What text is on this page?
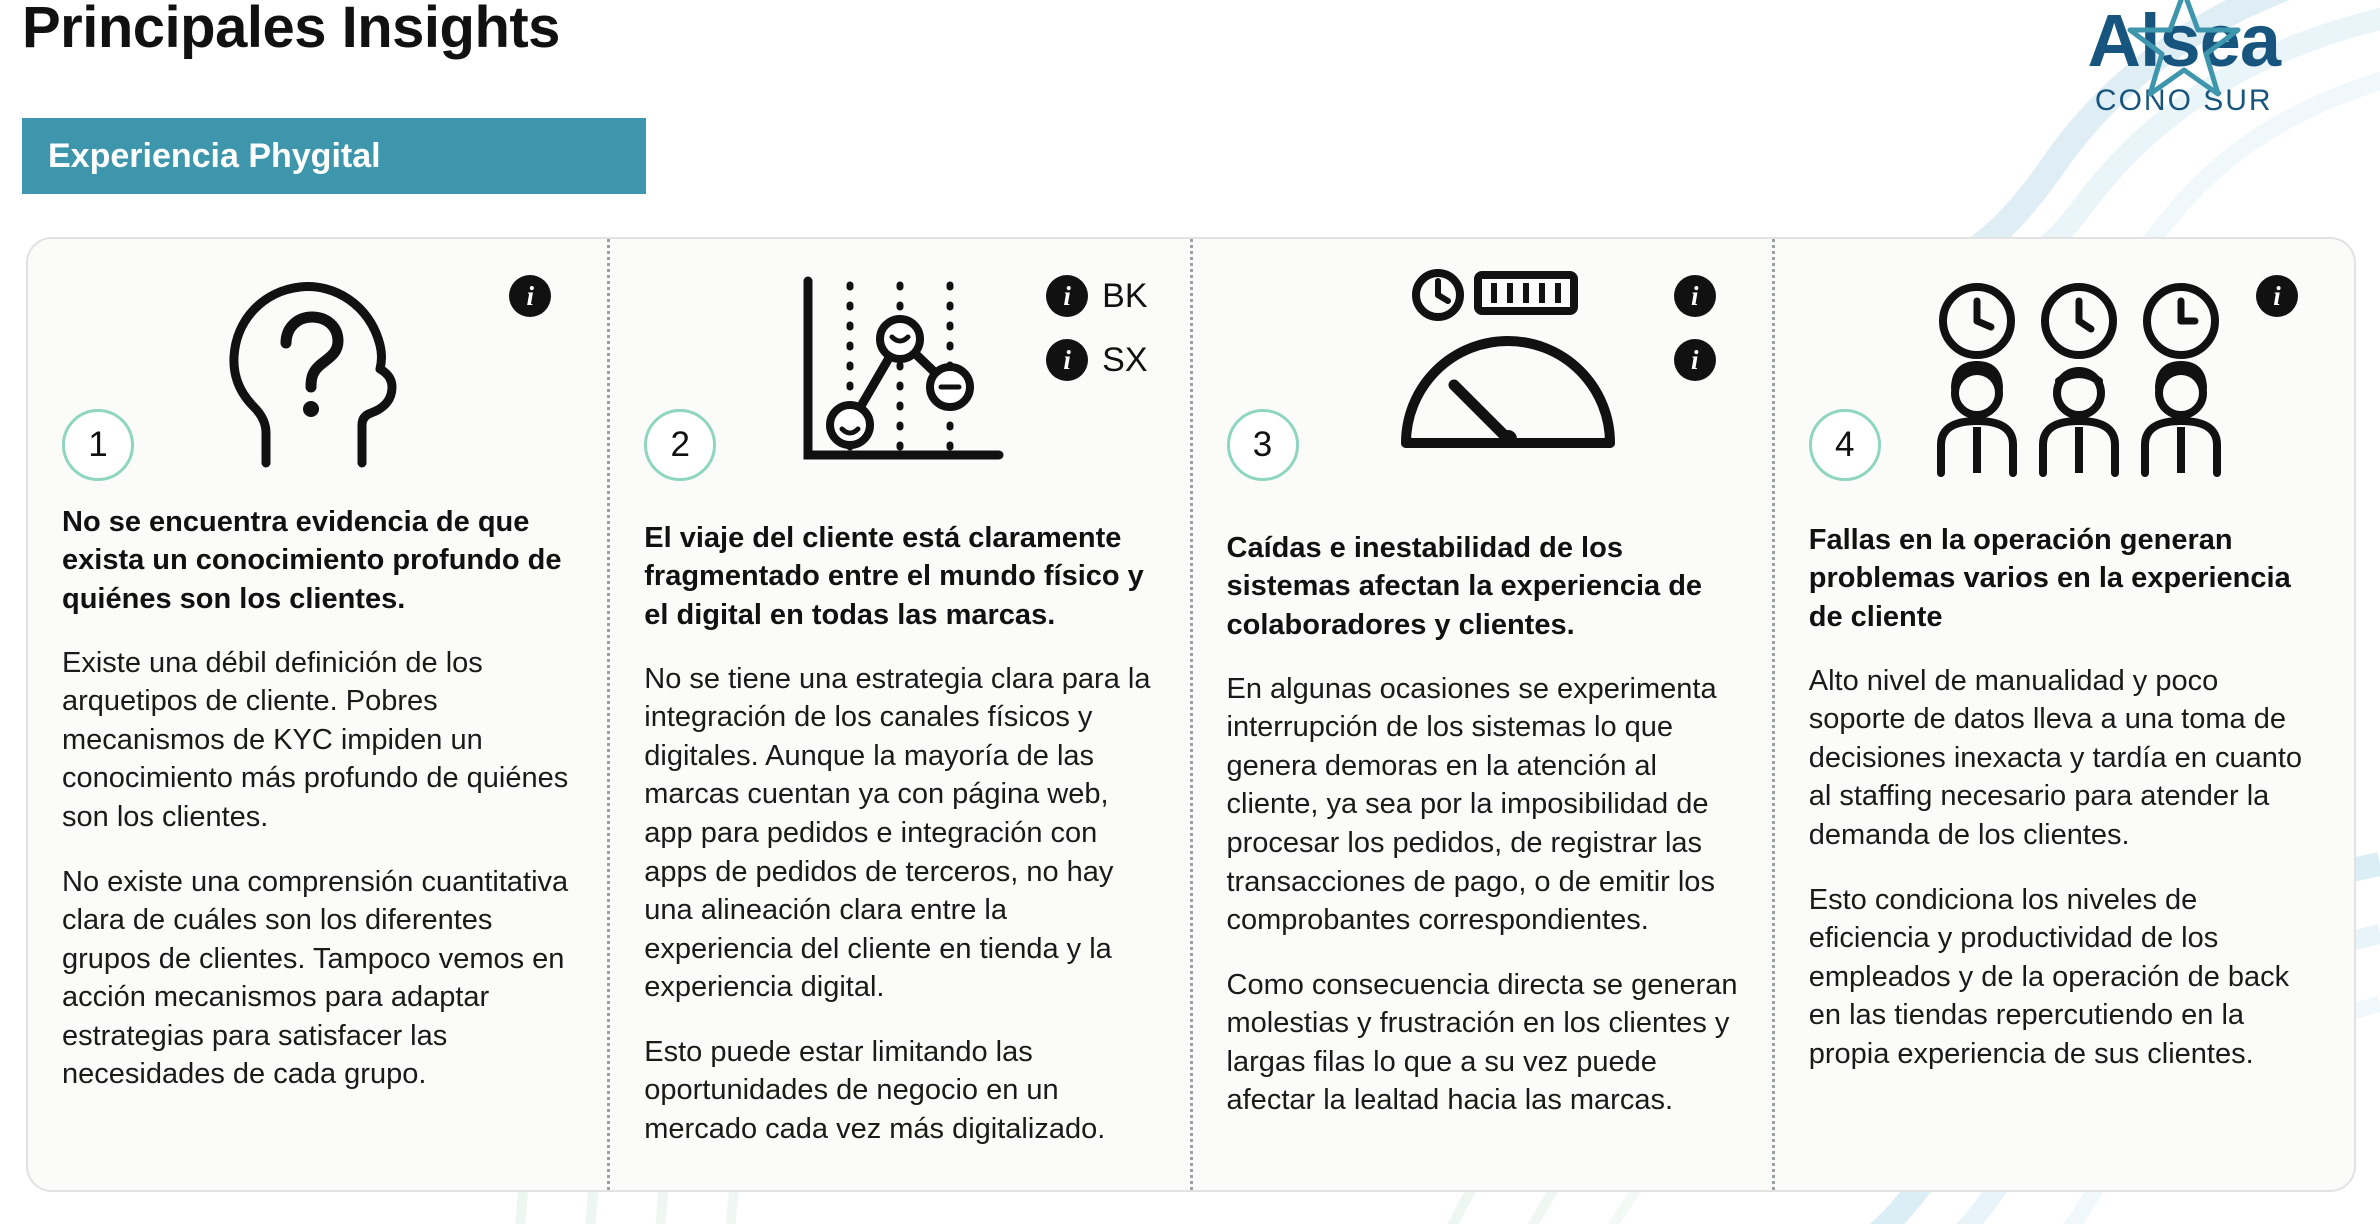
Principales Insights
Experiencia Phygital
Alsea
CONO SUR
i
1
No se encuentra evidencia de que exista un conocimiento profundo de quiénes son los clientes.

Existe una débil definición de los arquetipos de cliente. Pobres mecanismos de KYC impiden un conocimiento más profundo de quiénes son los clientes.

No existe una comprensión cuantitativa clara de cuáles son los diferentes grupos de clientes. Tampoco vemos en acción mecanismos para adaptar estrategias para satisfacer las necesidades de cada grupo.

i BK
i SX
2
El viaje del cliente está claramente fragmentado entre el mundo físico y el digital en todas las marcas.

No se tiene una estrategia clara para la integración de los canales físicos y digitales. Aunque la mayoría de las marcas cuentan ya con página web, app para pedidos e integración con apps de pedidos de terceros, no hay una alineación clara entre la experiencia del cliente en tienda y la experiencia digital.

Esto puede estar limitando las oportunidades de negocio en un mercado cada vez más digitalizado.

i
i
3
Caídas e inestabilidad de los sistemas afectan la experiencia de colaboradores y clientes.

En algunas ocasiones se experimenta interrupción de los sistemas lo que genera demoras en la atención al cliente, ya sea por la imposibilidad de procesar los pedidos, de registrar las transacciones de pago, o de emitir los comprobantes correspondientes.

Como consecuencia directa se generan molestias y frustración en los clientes y largas filas lo que a su vez puede afectar la lealtad hacia las marcas.

i
4
Fallas en la operación generan problemas varios en la experiencia de cliente

Alto nivel de manualidad y poco soporte de datos lleva a una toma de decisiones inexacta y tardía en cuanto al staffing necesario para atender la demanda de los clientes.

Esto condiciona los niveles de eficiencia y productividad de los empleados y de la operación de back en las tiendas repercutiendo en la propia experiencia de sus clientes.
